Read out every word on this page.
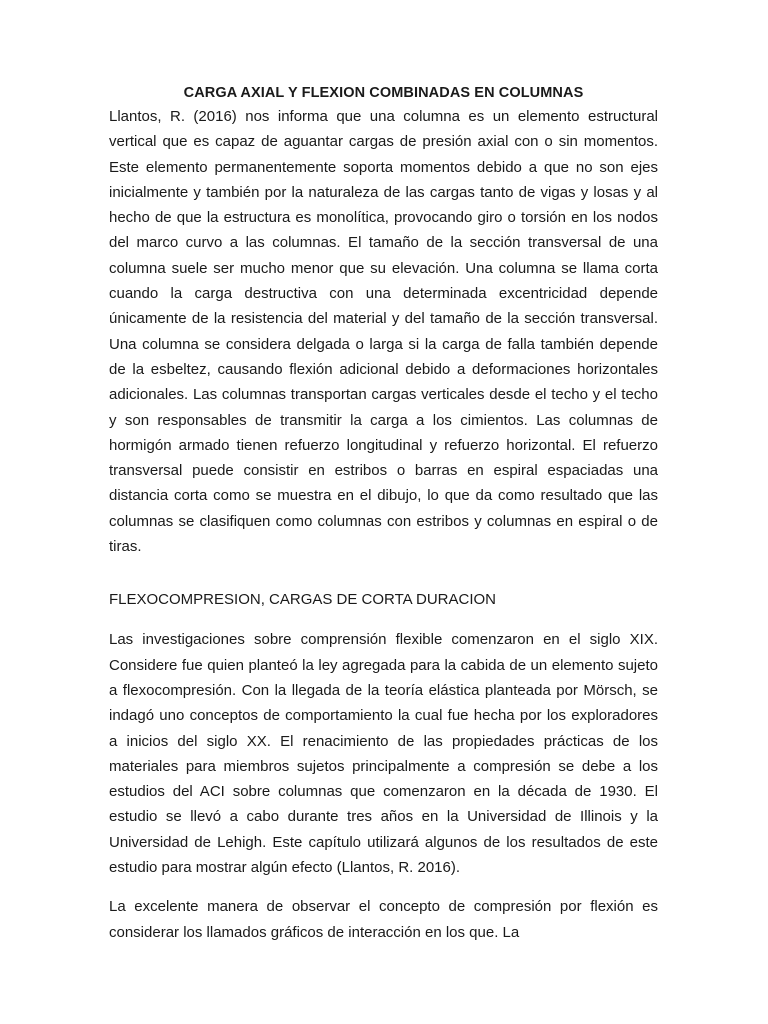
CARGA AXIAL Y FLEXION COMBINADAS EN COLUMNAS

Llantos, R. (2016) nos informa que una columna es un elemento estructural vertical que es capaz de aguantar cargas de presión axial con o sin momentos. Este elemento permanentemente soporta momentos debido a que no son ejes inicialmente y también por la naturaleza de las cargas tanto de vigas y losas y al hecho de que la estructura es monolítica, provocando giro o torsión en los nodos del marco curvo a las columnas. El tamaño de la sección transversal de una columna suele ser mucho menor que su elevación. Una columna se llama corta cuando la carga destructiva con una determinada excentricidad depende únicamente de la resistencia del material y del tamaño de la sección transversal. Una columna se considera delgada o larga si la carga de falla también depende de la esbeltez, causando flexión adicional debido a deformaciones horizontales adicionales. Las columnas transportan cargas verticales desde el techo y el techo y son responsables de transmitir la carga a los cimientos. Las columnas de hormigón armado tienen refuerzo longitudinal y refuerzo horizontal. El refuerzo transversal puede consistir en estribos o barras en espiral espaciadas una distancia corta como se muestra en el dibujo, lo que da como resultado que las columnas se clasifiquen como columnas con estribos y columnas en espiral o de tiras.

FLEXOCOMPRESION, CARGAS DE CORTA DURACION

Las investigaciones sobre comprensión flexible comenzaron en el siglo XIX. Considere fue quien planteó la ley agregada para la cabida de un elemento sujeto a flexocompresión. Con la llegada de la teoría elástica planteada por Mörsch, se indagó uno conceptos de comportamiento la cual fue hecha por los exploradores a inicios del siglo XX. El renacimiento de las propiedades prácticas de los materiales para miembros sujetos principalmente a compresión se debe a los estudios del ACI sobre columnas que comenzaron en la década de 1930. El estudio se llevó a cabo durante tres años en la Universidad de Illinois y la Universidad de Lehigh. Este capítulo utilizará algunos de los resultados de este estudio para mostrar algún efecto (Llantos, R. 2016).

La excelente manera de observar el concepto de compresión por flexión es considerar los llamados gráficos de interacción en los que. La
